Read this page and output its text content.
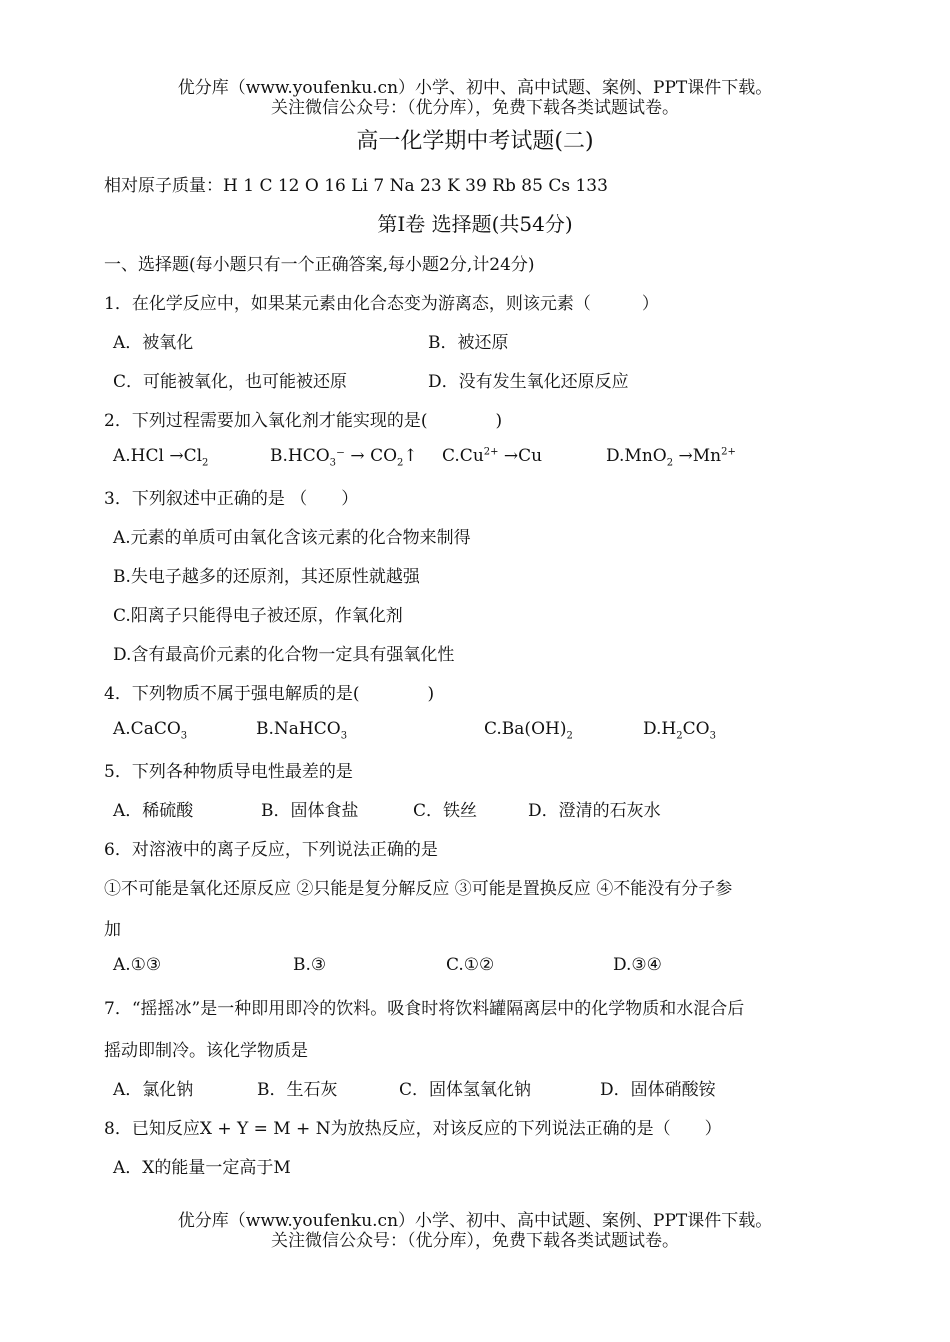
优分库（www.youfenku.cn）小学、初中、高中试题、案例、PPT课件下载。
关注微信公众号：（优分库），免费下载各类试题试卷。
高一化学期中考试题(二)
相对原子质量：H 1 C 12 O 16 Li 7 Na 23 K 39 Rb 85 Cs 133
第Ⅰ卷 选择题(共54分)
一、选择题(每小题只有一个正确答案,每小题2分,计24分)
1．在化学反应中，如果某元素由化合态变为游离态，则该元素（　　　）
A．被氧化	B．被还原
C．可能被氧化，也可能被还原	D．没有发生氧化还原反应
2．下列过程需要加入氧化剂才能实现的是(　　　　)
$A.HCl \to Cl_2$	$B.HCO_3^-$ → $CO_2↑$ $C.Cu^{2+} \to Cu$	$D.MnO_2 \to Mn^{2+}$
3．下列叙述中正确的是 （　　）
A.元素的单质可由氧化含该元素的化合物来制得
B.失电子越多的还原剂，其还原性就越强
C.阳离子只能得电子被还原，作氧化剂
D.含有最高价元素的化合物一定具有强氧化性
4．下列物质不属于强电解质的是(　　　　)
A.CaCO$_3$	B.NaHCO$_3$	$C.Ba(OH)_2$	$D.H_2CO_3$
5．下列各种物质导电性最差的是
A．稀硫酸	B．固体食盐	C．铁丝	D．澄清的石灰水
6．对溶液中的离子反应，下列说法正确的是
①不可能是氧化还原反应 ②只能是复分解反应 ③可能是置换反应 ④不能没有分子参
加
A.①③	B.③	C.①②	D.③④
7．“摇摇冰”是一种即用即冷的饮料。吸食时将饮料罐隔离层中的化学物质和水混合后
摇动即制冷。该化学物质是
A．氯化钠	B．生石灰	C．固体氢氧化钠	D．固体硝酸铵
8．已知反应X + Y = M + N为放热反应，对该反应的下列说法正确的是（　　）
A．X的能量一定高于M
优分库（www.youfenku.cn）小学、初中、高中试题、案例、PPT课件下载。
关注微信公众号：（优分库），免费下载各类试题试卷。
